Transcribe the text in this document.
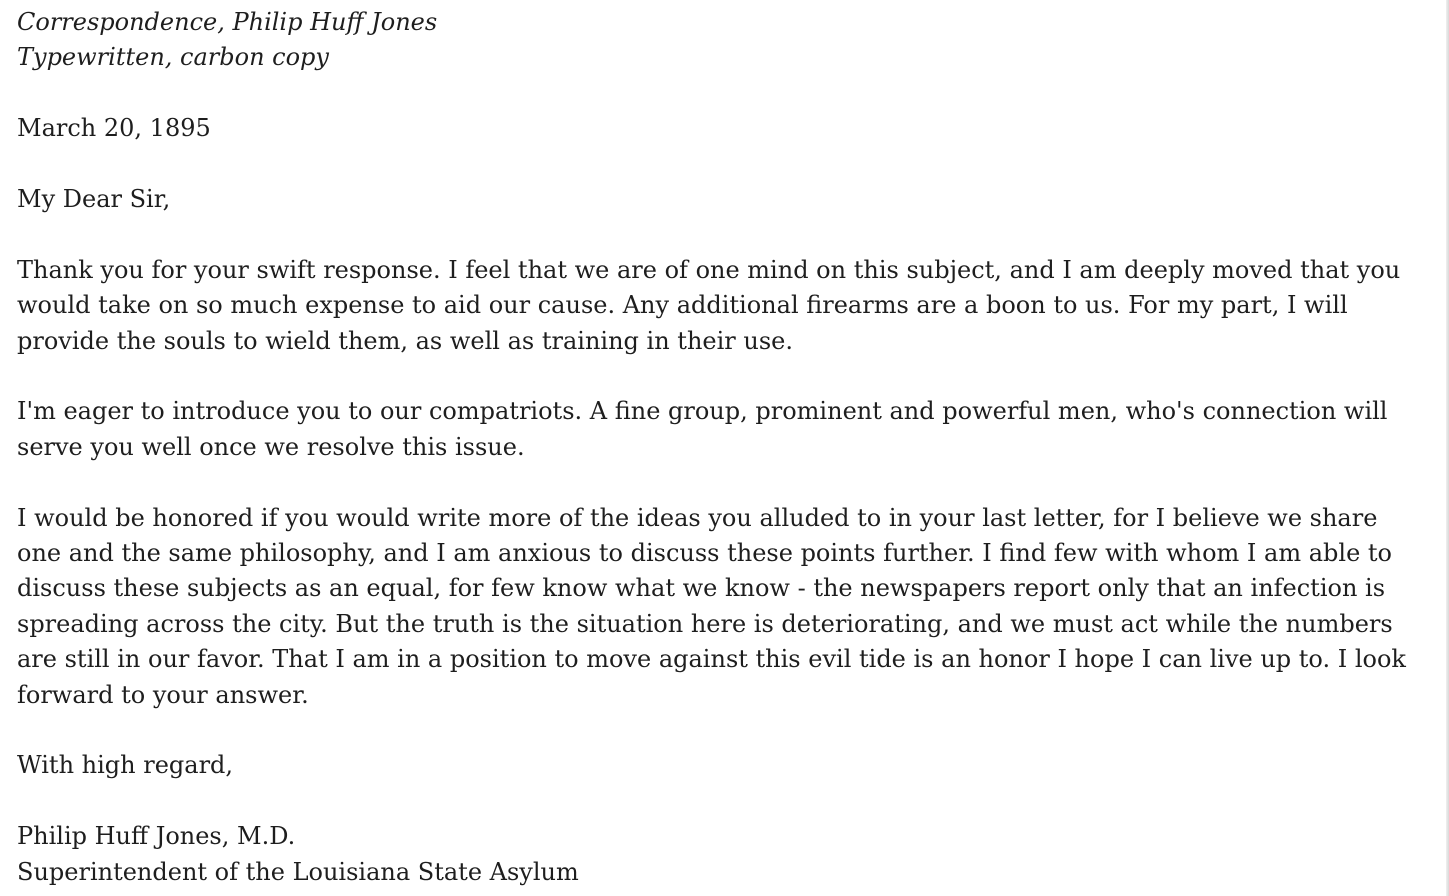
Correspondence, Philip Huff Jones

Typewritten, carbon copy

March 20, 1895

My Dear Sir,

Thank you for your swift response. I feel that we are of one mind on this subject, and I am deeply moved that you
would take on so much expense to aid our cause. Any additional firearms are a boon to us. For my part, I will
provide the souls to wield them, as well as training in their use.

I'm eager to introduce you to our compatriots. A fine group, prominent and powerful men, who's connection will
serve you well once we resolve this issue.

I would be honored if you would write more of the ideas you alluded to in your last letter, for I believe we share
one and the same philosophy, and I am anxious to discuss these points further. I find few with whom I am able to
discuss these subjects as an equal, for few know what we know - the newspapers report only that an infection is
spreading across the city. But the truth is the situation here is deteriorating, and we must act while the numbers
are still in our favor. That I am in a position to move against this evil tide is an honor I hope I can live up to. I look
forward to your answer.

With high regard,

Philip Huff Jones, M.D.
Superintendent of the Louisiana State Asylum
